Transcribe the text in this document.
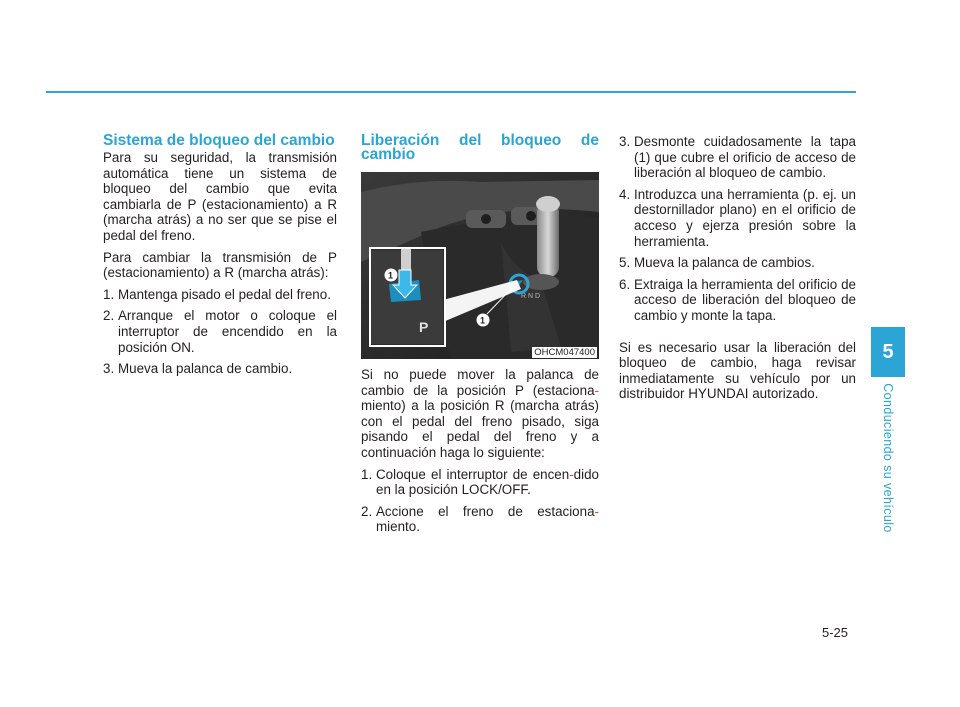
Sistema de bloqueo del cambio

Para su seguridad, la transmisión automática tiene un sistema de bloqueo del cambio que evita cambiarla de P (estacionamiento) a R (marcha atrás) a no ser que se pise el pedal del freno.

Para cambiar la transmisión de P (estacionamiento) a R (marcha atrás):

1. Mantenga pisado el pedal del freno.
2. Arranque el motor o coloque el interruptor de encendido en la posición ON.
3. Mueva la palanca de cambio.
Liberación del bloqueo de cambio
R N D
1
1
P
OHCM047400

Si no puede mover la palanca de cambio de la posición P (estaciona-miento) a la posición R (marcha atrás) con el pedal del freno pisado, siga pisando el pedal del freno y a continuación haga lo siguiente:

1. Coloque el interruptor de encen-dido en la posición LOCK/OFF.
2. Accione el freno de estaciona-miento.
3. Desmonte cuidadosamente la tapa (1) que cubre el orificio de acceso de liberación al bloqueo de cambio.
4. Introduzca una herramienta (p. ej. un destornillador plano) en el orificio de acceso y ejerza presión sobre la herramienta.
5. Mueva la palanca de cambios.
6. Extraiga la herramienta del orificio de acceso de liberación del bloqueo de cambio y monte la tapa.

Si es necesario usar la liberación del bloqueo de cambio, haga revisar inmediatamente su vehículo por un distribuidor HYUNDAI autorizado.

5
Conduciendo su vehículo
5-25
